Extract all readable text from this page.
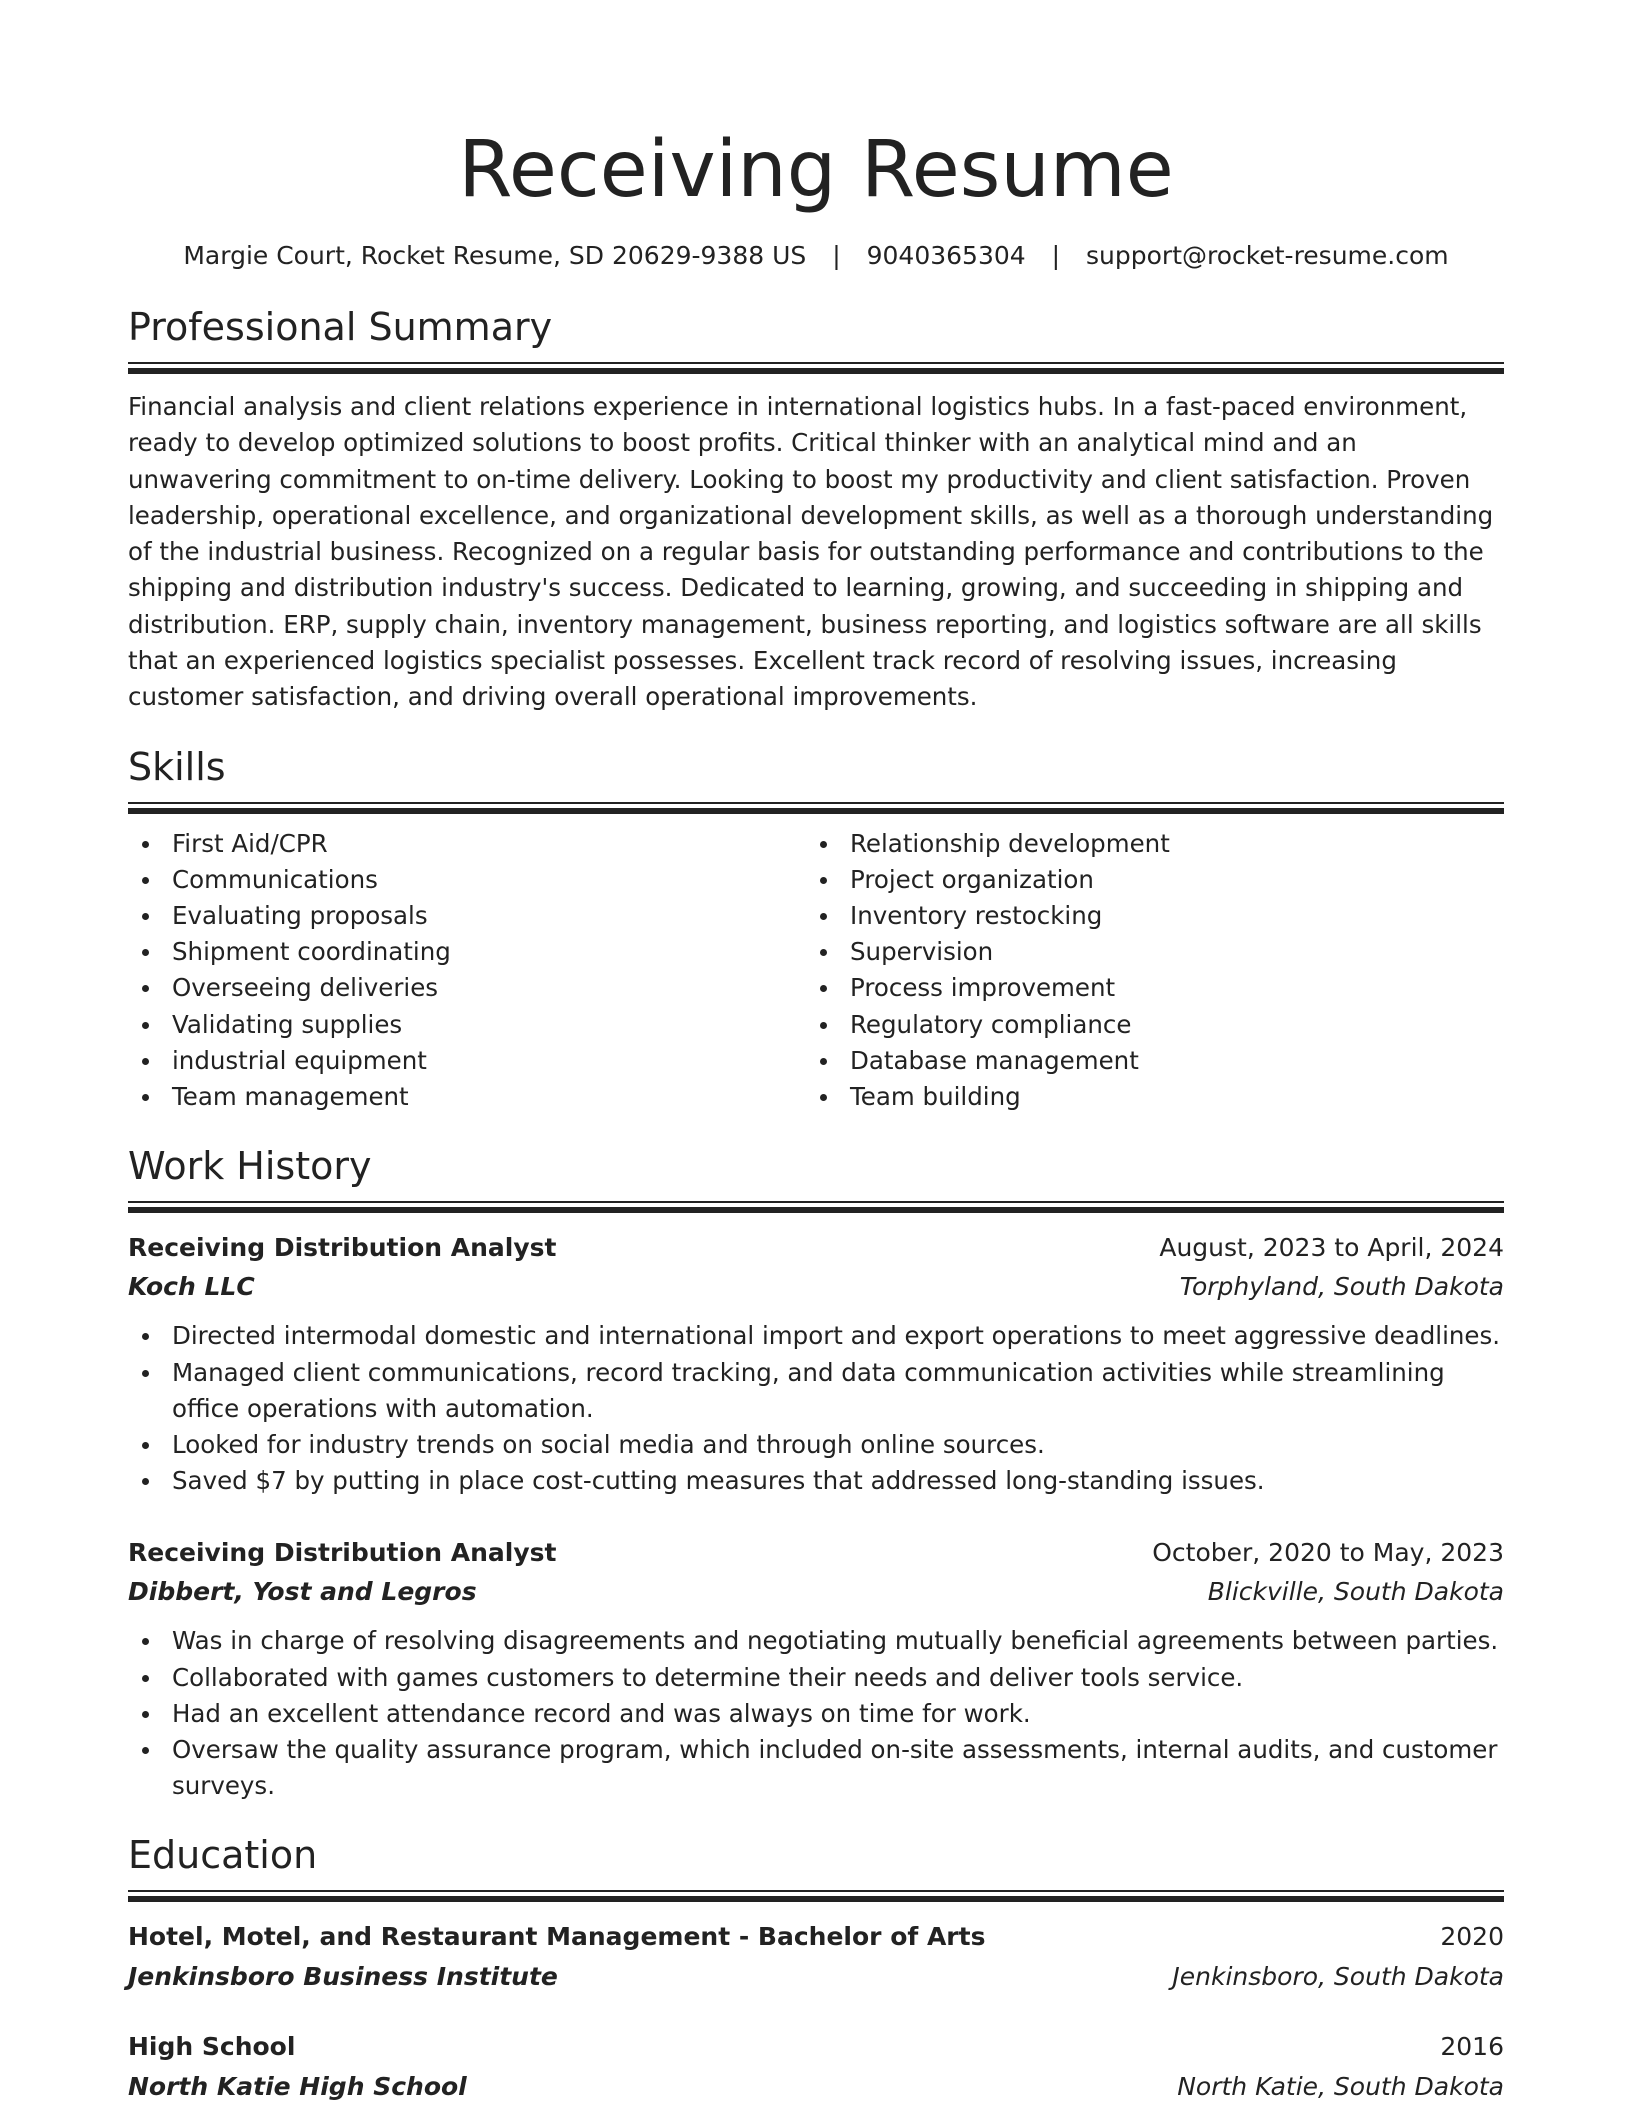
Receiving Resume
Margie Court, Rocket Resume, SD 20629-9388 US | 9040365304 | support@rocket-resume.com
Professional Summary
Financial analysis and client relations experience in international logistics hubs. In a fast-paced environment, ready to develop optimized solutions to boost profits. Critical thinker with an analytical mind and an unwavering commitment to on-time delivery. Looking to boost my productivity and client satisfaction. Proven leadership, operational excellence, and organizational development skills, as well as a thorough understanding of the industrial business. Recognized on a regular basis for outstanding performance and contributions to the shipping and distribution industry's success. Dedicated to learning, growing, and succeeding in shipping and distribution. ERP, supply chain, inventory management, business reporting, and logistics software are all skills that an experienced logistics specialist possesses. Excellent track record of resolving issues, increasing customer satisfaction, and driving overall operational improvements.
Skills
First Aid/CPR
Communications
Evaluating proposals
Shipment coordinating
Overseeing deliveries
Validating supplies
industrial equipment
Team management
Relationship development
Project organization
Inventory restocking
Supervision
Process improvement
Regulatory compliance
Database management
Team building
Work History
Receiving Distribution Analyst	August, 2023 to April, 2024
Koch LLC	Torphyland, South Dakota
Directed intermodal domestic and international import and export operations to meet aggressive deadlines.
Managed client communications, record tracking, and data communication activities while streamlining office operations with automation.
Looked for industry trends on social media and through online sources.
Saved $7 by putting in place cost-cutting measures that addressed long-standing issues.
Receiving Distribution Analyst	October, 2020 to May, 2023
Dibbert, Yost and Legros	Blickville, South Dakota
Was in charge of resolving disagreements and negotiating mutually beneficial agreements between parties.
Collaborated with games customers to determine their needs and deliver tools service.
Had an excellent attendance record and was always on time for work.
Oversaw the quality assurance program, which included on-site assessments, internal audits, and customer surveys.
Education
Hotel, Motel, and Restaurant Management - Bachelor of Arts	2020
Jenkinsboro Business Institute	Jenkinsboro, South Dakota
High School	2016
North Katie High School	North Katie, South Dakota
